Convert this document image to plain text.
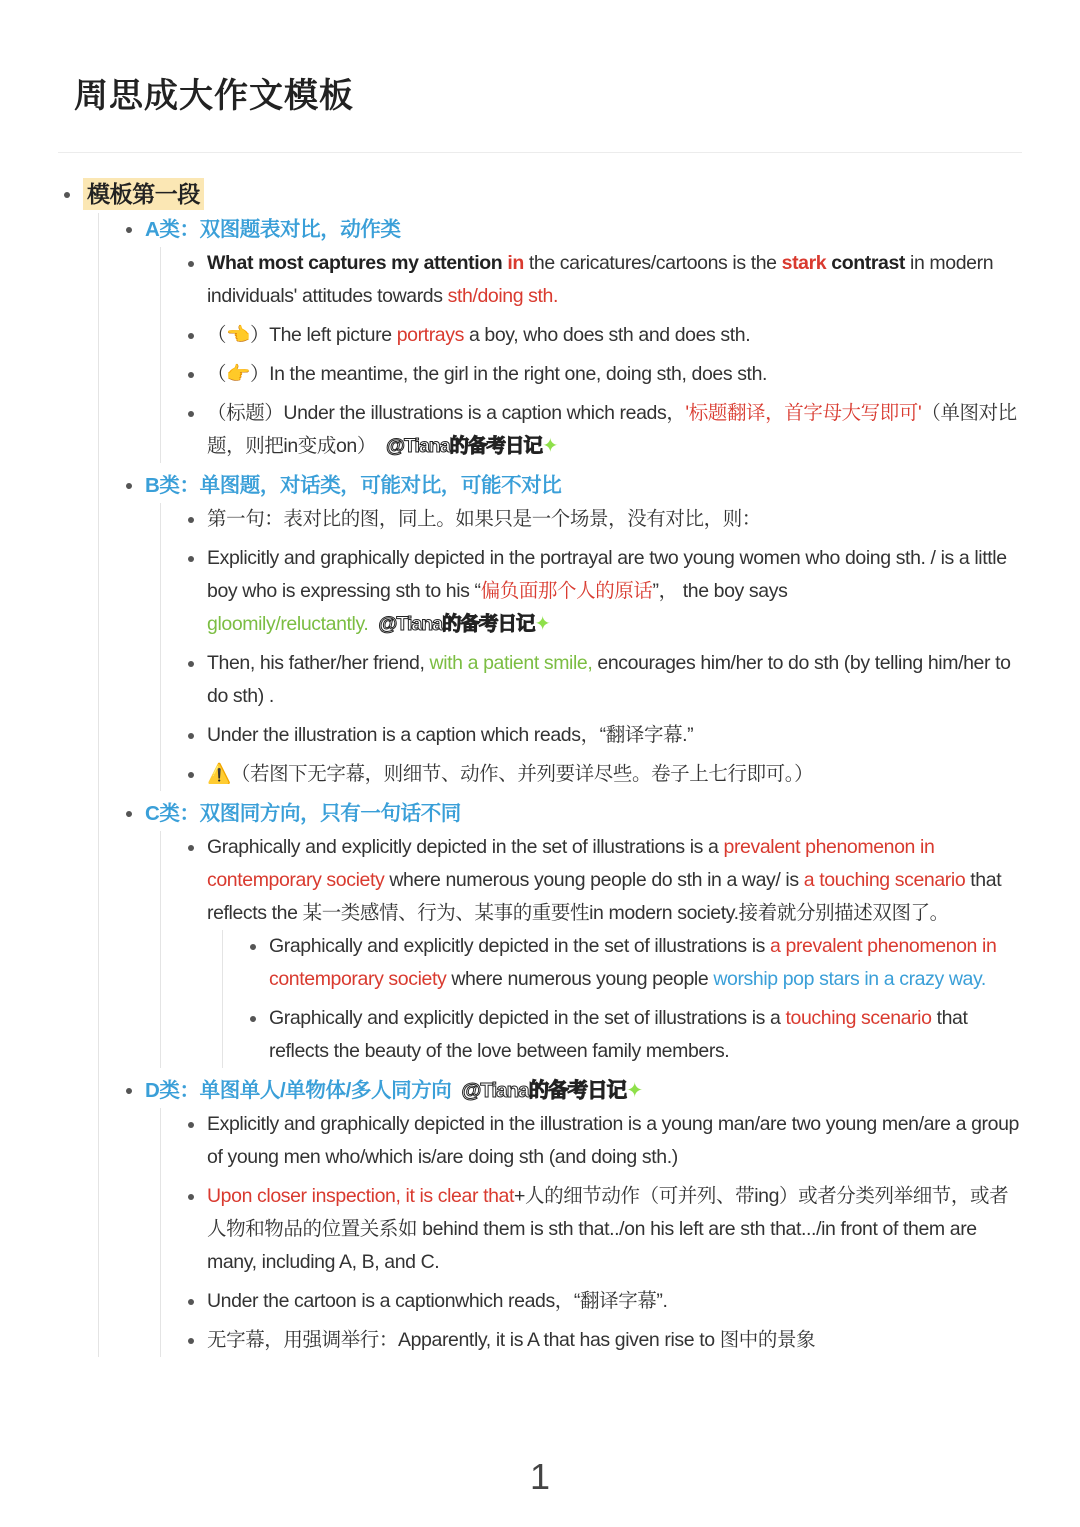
周思成大作文模板
模板第一段
A类：双图题表对比，动作类
What most captures my attention in the caricatures/cartoons is the stark contrast in modern individuals' attitudes towards sth/doing sth.
（👈）The left picture portrays a boy, who does sth and does sth.
（👉）In the meantime, the girl in the right one, doing sth, does sth.
（标题）Under the illustrations is a caption which reads，'标题翻译，首字母大写即可'（单图对比题，则把in变成on） @Tiana的备考日记✦
B类：单图题，对话类，可能对比，可能不对比
第一句：表对比的图，同上。如果只是一个场景，没有对比，则：
Explicitly and graphically depicted in the portrayal are two young women who doing sth. / is a little boy who is expressing sth to his “偏负面那个人的原话”， the boy says gloomily/reluctantly. @Tiana的备考日记✦
Then, his father/her friend, with a patient smile, encourages him/her to do sth (by telling him/her to do sth) .
Under the illustration is a caption which reads，“翻译字幕.”
⚠️（若图下无字幕，则细节、动作、并列要详尽些。卷子上七行即可。）
C类：双图同方向，只有一句话不同
Graphically and explicitly depicted in the set of illustrations is a prevalent phenomenon in contemporary society where numerous young people do sth in a way/ is a touching scenario that reflects the 某一类感情、行为、某事的重要性in modern society.接着就分别描述双图了。
Graphically and explicitly depicted in the set of illustrations is a prevalent phenomenon in contemporary society where numerous young people worship pop stars in a crazy way.
Graphically and explicitly depicted in the set of illustrations is a touching scenario that reflects the beauty of the love between family members.
D类：单图单人/单物体/多人同方向 @Tiana的备考日记✦
Explicitly and graphically depicted in the illustration is a young man/are two young men/are a group of young men who/which is/are doing sth (and doing sth.)
Upon closer inspection, it is clear that+人的细节动作（可并列、带ing）或者分类列举细节，或者人物和物品的位置关系如 behind them is sth that../on his left are sth that.../in front of them are many, including A, B, and C.
Under the cartoon is a captionwhich reads，“翻译字幕”.
无字幕，用强调举行：Apparently, it is A that has given rise to 图中的景象
1
